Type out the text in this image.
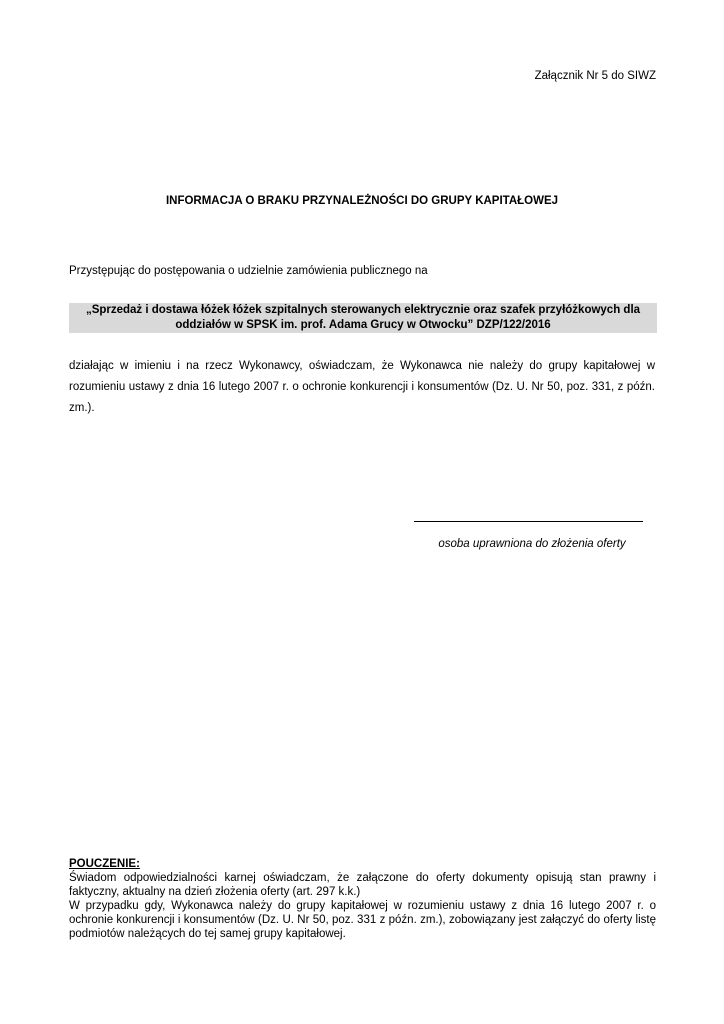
Załącznik Nr 5 do SIWZ
INFORMACJA O BRAKU PRZYNALEŻNOŚCI DO GRUPY KAPITAŁOWEJ
Przystępując do postępowania o udzielnie zamówienia publicznego na
„Sprzedaż i dostawa łóżek łóżek szpitalnych sterowanych elektrycznie oraz szafek przyłóżkowych dla
oddziałów w SPSK im. prof. Adama Grucy w Otwocku” DZP/122/2016
działając w imieniu i na rzecz Wykonawcy, oświadczam, że Wykonawca nie należy do grupy kapitałowej w rozumieniu ustawy z dnia 16 lutego 2007 r. o ochronie konkurencji i konsumentów (Dz. U. Nr 50, poz. 331, z późn. zm.).
osoba uprawniona do złożenia oferty

POUCZENIE:

Świadom odpowiedzialności karnej oświadczam, że załączone do oferty dokumenty opisują stan prawny i faktyczny, aktualny na dzień złożenia oferty (art. 297 k.k.)

W przypadku gdy, Wykonawca należy do grupy kapitałowej w rozumieniu ustawy z dnia 16 lutego 2007 r. o ochronie konkurencji i konsumentów (Dz. U. Nr 50, poz. 331 z późn. zm.), zobowiązany jest załączyć do oferty listę podmiotów należących do tej samej grupy kapitałowej.
